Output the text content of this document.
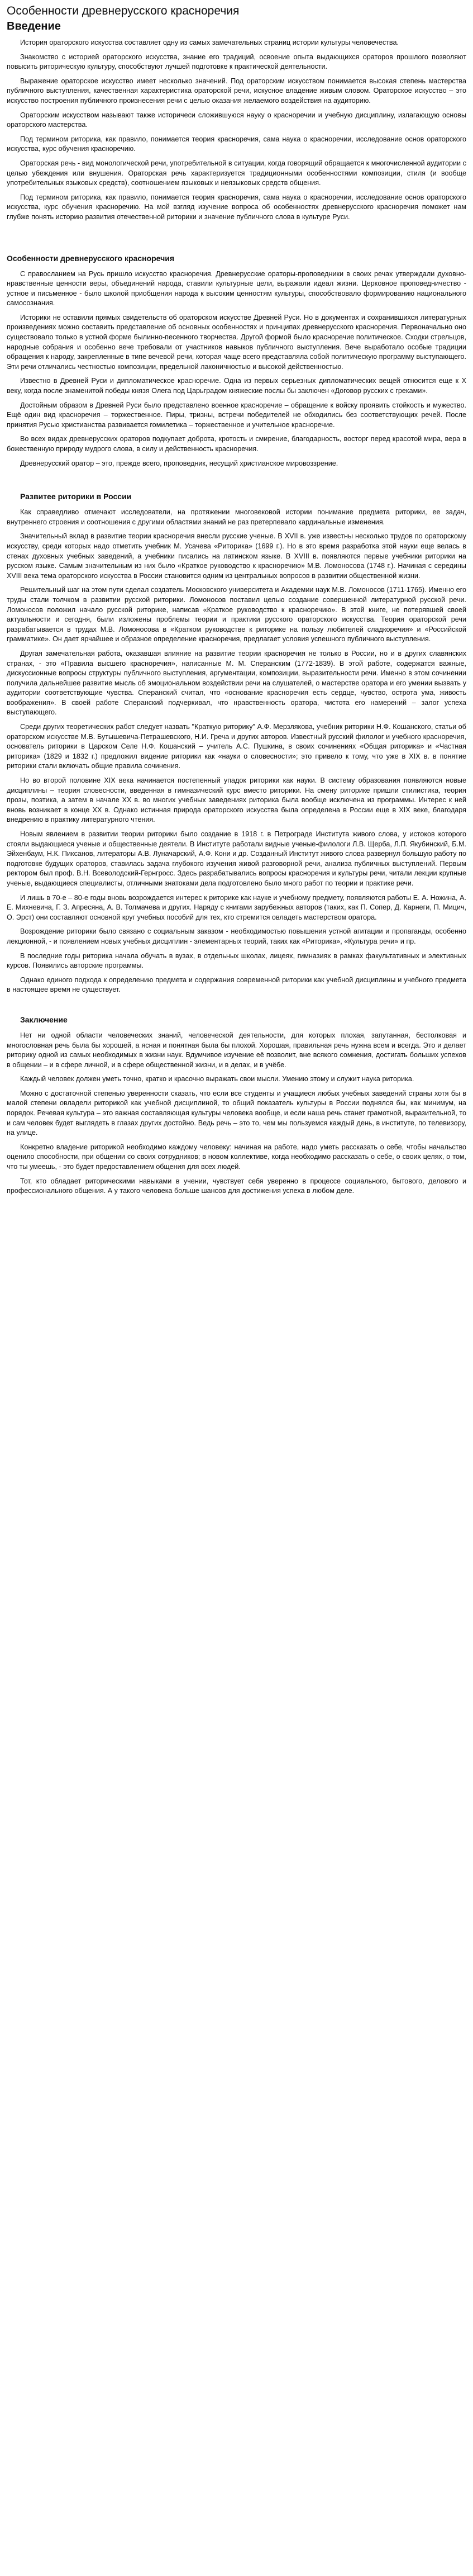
Особенности древнерусского красноречия
Введение

История ораторского искусства составляет одну из самых замечательных страниц истории культуры человечества.

Знакомство с историей ораторского искусства, знание его традиций, освоение опыта выдающихся ораторов прошлого позволяют повысить риторическую культуру, способствуют лучшей подготовке к практической деятельности.

Выражение ораторское искусство имеет несколько значений. Под ораторским искусством понимается высокая степень мастерства публичного выступления, качественная характеристика ораторской речи, искусное владение живым словом. Ораторское искусство – это искусство построения публичного произнесения речи с целью оказания желаемого воздействия на аудиторию.

Ораторским искусством называют также историчеси сложившуюся науку о красноречии и учебную дисциплину, излагающую основы ораторского мастерства.

Под термином риторика, как правило, понимается теория красноречия, сама наука о красноречии, исследование основ ораторского искусства, курс обучения красноречию.

Ораторская речь - вид монологической речи, употребительной в ситуации, когда говорящий обращается к многочисленной аудитории с целью убеждения или внушения. Ораторская речь характеризуется традиционными особенностями композиции, стиля (и вообще употребительных языковых средств), соотношением языковых и неязыковых средств общения.

Под термином риторика, как правило, понимается теория красноречия, сама наука о красноречии, исследование основ ораторского искусства, курс обучения красноречию. На мой взгляд изучение вопроса об особенностях древнерусского красноречия поможет нам глубже понять историю развития отечественной риторики и значение публичного слова в культуре Руси.

Особенности древнерусского красноречия

С правосланием на Русь пришло искусство красноречия. Древнерусские ораторы-проповедники в своих речах утверждали духовно-нравственные ценности веры, объединений народа, ставили культурные цели, выражали идеал жизни. Церковное проповедничество - устное и письменное - было школой приобщения народа к высоким ценностям культуры, способствовало формированию национального самосознания.

Историки не оставили прямых свидетельств об ораторском искусстве Древней Руси. Но в документах и сохранившихся литературных произведениях можно составить представление об основных особенностях и принципах древнерусского красноречия. Первоначально оно существовало только в устной форме былинно-песенного творчества. Другой формой было красноречие политическое. Сходки стрельцов, народные собрания и особенно вече требовали от участников навыков публичного выступления. Вече выработало особые традиции обращения к народу, закрепленные в типе вечевой речи, которая чаще всего представляла собой политическую программу выступающего. Эти речи отличались честностью композиции, предельной лаконичностью и высокой действенностью.

Известно в Древней Руси и дипломатическое красноречие. Одна из первых серьезных дипломатических вещей относится еще к X веку, когда после знаменитой победы князя Олега под Царьградом княжеские послы бы заключен «Договор русских с греками».

Достойным образом в Древней Руси было представлено военное красноречие – обращение к войску проявить стойкость и мужество. Ещё один вид красноречия – торжественное. Пиры, тризны, встречи победителей не обходились без соответствующих речей. После принятия Русью христианства развивается гомилетика – торжественное и учительное красноречие.

Во всех видах древнерусских ораторов подкупает доброта, кротость и смирение, благодарность, восторг перед красотой мира, вера в божественную природу мудрого слова, в силу и действенность красноречия.

Древнерусский оратор – это, прежде всего, проповедник, несущий христианское мировоззрение.

Развитее риторики в России

Как справедливо отмечают исследователи, на протяжении многовековой истории понимание предмета риторики, ее задач, внутреннего строения и соотношения с другими областями знаний не раз претерпевало кардинальные изменения.

Значительный вклад в развитие теории красноречия внесли русские ученые. В XVII в. уже известны несколько трудов по ораторскому искусству, среди которых надо отметить учебник М. Усачева «Риторика» (1699 г.). Но в это время разработка этой науки еще велась в стенах духовных учебных заведений, а учебники писались на латинском языке. В XVIII в. появляются первые учебники риторики на русском языке. Самым значительным из них было «Краткое руководство к красноречию» М.В. Ломоносова (1748 г.). Начиная с середины XVIII века тема ораторского искусства в России становится одним из центральных вопросов в развитии общественной жизни.

Решительный шаг на этом пути сделал создатель Московского университета и Академии наук М.В. Ломоносов (1711-1765). Именно его труды стали толчком в развитии русской риторики. Ломоносов поставил целью создание совершенной литературной русской речи. Ломоносов положил начало русской риторике, написав «Краткое руководство к красноречию». В этой книге, не потерявшей своей актуальности и сегодня, были изложены проблемы теории и практики русского ораторского искусства. Теория ораторской речи разрабатывается в трудах М.В. Ломоносова в «Кратком руководстве к риторике на пользу любителей сладкоречия» и «Российской грамматике». Он дает ярчайшее и образное определение красноречия, предлагает условия успешного публичного выступления.

Другая замечательная работа, оказавшая влияние на развитие теории красноречия не только в России, но и в других славянских странах, - это «Правила высшего красноречия», написанные М. М. Сперанским (1772-1839). В этой работе, содержатся важные, дискуссионные вопросы структуры публичного выступления, аргументации, композиции, выразительности речи. Именно в этом сочинении получила дальнейшее развитие мысль об эмоциональном воздействии речи на слушателей, о мастерстве оратора и его умении вызвать у аудитории соответствующие чувства. Сперанский считал, что «основание красноречия есть сердце, чувство, острота ума, живость воображения». В своей работе Сперанский подчеркивал, что нравственность оратора, чистота его намерений – залог успеха выступающего.

Среди других теоретических работ следует назвать "Краткую риторику" А.Ф. Мерзлякова, учебник риторики Н.Ф. Кошанского, статьи об ораторском искусстве М.В. Бутышевича-Петрашевского, Н.И. Греча и других авторов. Известный русский филолог и учебного красноречия, основатель риторики в Царском Селе Н.Ф. Кошанский – учитель А.С. Пушкина, в своих сочинениях «Общая риторика» и «Частная риторика» (1829 и 1832 г.) предложил видение риторики как «науки о словесности»; это привело к тому, что уже в XIX в. в понятие риторики стали включать общие правила сочинения.

Но во второй половине XIX века начинается постепенный упадок риторики как науки. В систему образования появляются новые дисциплины – теория словесности, введенная в гимназический курс вместо риторики. На смену риторике пришли стилистика, теория прозы, поэтика, а затем в начале XX в. во многих учебных заведениях риторика была вообще исключена из программы. Интерес к ней вновь возникает в конце XX в. Однако истинная природа ораторского искусства была определена в России еще в XIX веке, благодаря внедрению в практику литературного чтения.

Новым явлением в развитии теории риторики было создание в 1918 г. в Петрограде Института живого слова, у истоков которого стояли выдающиеся ученые и общественные деятели. В Институте работали видные ученые-филологи Л.В. Щерба, Л.П. Якубинский, Б.М. Эйхенбаум, Н.К. Пиксанов, литераторы А.В. Луначарский, А.Ф. Кони и др. Созданный Институт живого слова развернул большую работу по подготовке будущих ораторов, ставилась задача глубокого изучения живой разговорной речи, анализа публичных выступлений. Первым ректором был проф. В.Н. Всеволодский-Гернгросс. Здесь разрабатывались вопросы красноречия и культуры речи, читали лекции крупные ученые, выдающиеся специалисты, отличными знатоками дела подготовлено было много работ по теории и практике речи.

И лишь в 70-е – 80-е годы вновь возрождается интерес к риторике как науке и учебному предмету, появляются работы Е. А. Ножина, А. Е. Михневича, Г. З. Апресяна, А. В. Толмачева и других. Наряду с книгами зарубежных авторов (таких, как П. Сопер, Д. Карнеги, П. Мицич, О. Эрст) они составляют основной круг учебных пособий для тех, кто стремится овладеть мастерством оратора.

Возрождение риторики было связано с социальным заказом - необходимостью повышения устной агитации и пропаганды, особенно лекционной, - и появлением новых учебных дисциплин - элементарных теорий, таких как «Риторика», «Культура речи» и пр.

В последние годы риторика начала обучать в вузах, в отдельных школах, лицеях, гимназиях в рамках факультативных и элективных курсов. Появились авторские программы.

Однако единого подхода к определению предмета и содержания современной риторики как учебной дисциплины и учебного предмета в настоящее время не существует.

Заключение

Нет ни одной области человеческих знаний, человеческой деятельности, для которых плохая, запутанная, бестолковая и многословная речь была бы хорошей, а ясная и понятная была бы плохой. Хорошая, правильная речь нужна всем и всегда. Это и делает риторику одной из самых необходимых в жизни наук. Вдумчивое изучение её позволит, вне всякого сомнения, достигать больших успехов в общении – и в сфере личной, и в сфере общественной жизни, и в делах, и в учёбе.

Каждый человек должен уметь точно, кратко и красочно выражать свои мысли. Умению этому и служит наука риторика.

Можно с достаточной степенью уверенности сказать, что если все студенты и учащиеся любых учебных заведений страны хотя бы в малой степени овладели риторикой как учебной дисциплиной, то общий показатель культуры в России поднялся бы, как минимум, на порядок. Речевая культура – это важная составляющая культуры человека вообще, и если наша речь станет грамотной, выразительной, то и сам человек будет выглядеть в глазах других достойно. Ведь речь – это то, чем мы пользуемся каждый день, в институте, по телевизору, на улице.

Конкретно владение риторикой необходимо каждому человеку: начиная на работе, надо уметь рассказать о себе, чтобы начальство оценило способности, при общении со своих сотрудников; в новом коллективе, когда необходимо рассказать о себе, о своих целях, о том, что ты умеешь, - это будет предоставлением общения для всех людей.

Тот, кто обладает риторическими навыками в учении, чувствует себя уверенно в процессе социального, бытового, делового и профессионального общения. А у такого человека больше шансов для достижения успеха в любом деле.
